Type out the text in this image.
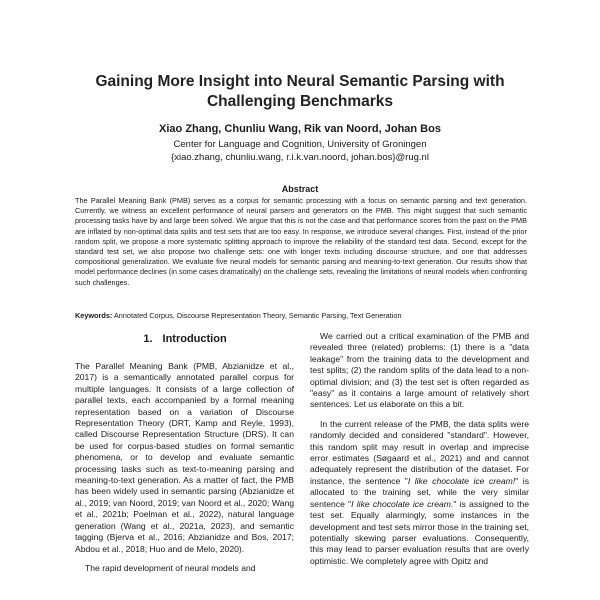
Gaining More Insight into Neural Semantic Parsing with
Challenging Benchmarks
Xiao Zhang, Chunliu Wang, Rik van Noord, Johan Bos
Center for Language and Cognition, University of Groningen
{xiao.zhang, chunliu.wang, r.i.k.van.noord, johan.bos}@rug.nl
Abstract
The Parallel Meaning Bank (PMB) serves as a corpus for semantic processing with a focus on semantic parsing and text generation. Currently, we witness an excellent performance of neural parsers and generators on the PMB. This might suggest that such semantic processing tasks have by and large been solved. We argue that this is not the case and that performance scores from the past on the PMB are inflated by non-optimal data splits and test sets that are too easy. In response, we introduce several changes. First, instead of the prior random split, we propose a more systematic splitting approach to improve the reliability of the standard test data. Second, except for the standard test set, we also propose two challenge sets: one with longer texts including discourse structure, and one that addresses compositional generalization. We evaluate five neural models for semantic parsing and meaning-to-text generation. Our results show that model performance declines (in some cases dramatically) on the challenge sets, revealing the limitations of neural models when confronting such challenges.
Keywords: Annotated Corpus, Discourse Representation Theory, Semantic Parsing, Text Generation
1. Introduction

The Parallel Meaning Bank (PMB, Abzianidze et al., 2017) is a semantically annotated parallel corpus for multiple languages. It consists of a large collection of parallel texts, each accompanied by a formal meaning representation based on a variation of Discourse Representation Theory (DRT, Kamp and Reyle, 1993), called Discourse Representation Structure (DRS). It can be used for corpus-based studies on formal semantic phenomena, or to develop and evaluate semantic processing tasks such as text-to-meaning parsing and meaning-to-text generation. As a matter of fact, the PMB has been widely used in semantic parsing (Abzianidze et al., 2019; van Noord, 2019; van Noord et al., 2020; Wang et al., 2021b; Poelman et al., 2022), natural language generation (Wang et al., 2021a, 2023), and semantic tagging (Bjerva et al., 2016; Abzianidze and Bos, 2017; Abdou et al., 2018; Huo and de Melo, 2020).

The rapid development of neural models and

We carried out a critical examination of the PMB and revealed three (related) problems: (1) there is a "data leakage" from the training data to the development and test splits; (2) the random splits of the data lead to a non-optimal division; and (3) the test set is often regarded as "easy" as it contains a large amount of relatively short sentences. Let us elaborate on this a bit.

In the current release of the PMB, the data splits were randomly decided and considered "standard". However, this random split may result in overlap and imprecise error estimates (Søgaard et al., 2021) and and cannot adequately represent the distribution of the dataset. For instance, the sentence "I like chocolate ice cream!" is allocated to the training set, while the very similar sentence "I like chocolate ice cream." is assigned to the test set. Equally alarmingly, some instances in the development and test sets mirror those in the training set, potentially skewing parser evaluations. Consequently, this may lead to parser evaluation results that are overly optimistic. We completely agree with Opitz and
